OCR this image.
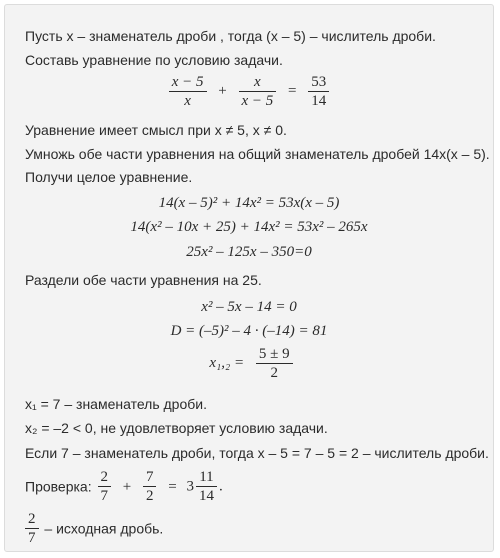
Пусть x – знаменатель дроби , тогда (x – 5) – числитель дроби.
Составь уравнение по условию задачи.
$\frac{x - 5}{x} + \frac{x}{x - 5} = \frac{53}{14}$
Уравнение имеет смысл при x ≠ 5, x ≠ 0.
Умножь обе части уравнения на общий знаменатель дробей 14x(x – 5).
Получи целое уравнение.
14(x – 5)² + 14x² = 53x(x – 5)
14(x² – 10x + 25) + 14x² = 53x² – 265x
25x² – 125x – 350=0
Раздели обе части уравнения на 25.
x² – 5x – 14 = 0
D = (–5)² – 4 · (–14) = 81
$x_1,_2 = \frac{5 \pm 9}{2}$
x₁ = 7 – знаменатель дроби.
x₂ = –2 < 0, не удовлетворяет условию задачи.
Если 7 – знаменатель дроби, тогда x – 5 = 7 – 5 = 2 – числитель дроби.
Проверка: $\frac{2}{7} + \frac{7}{2} = 3 \frac{11}{14}$ .
$\frac{2}{7}$ – исходная дробь.
